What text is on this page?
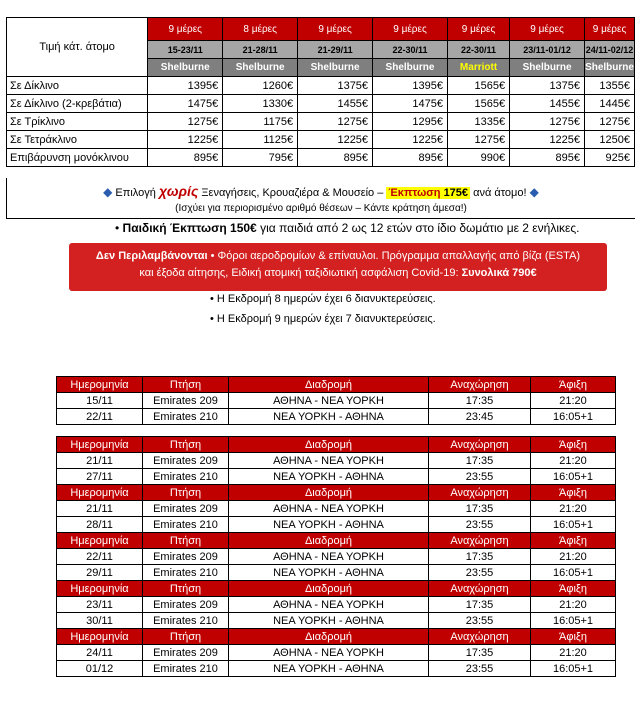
Τιμή κάτ. άτομο	9 μέρες	8 μέρες	9 μέρες	9 μέρες	9 μέρες	9 μέρες	9 μέρες
	15-23/11	21-28/11	21-29/11	22-30/11	22-30/11	23/11-01/12	24/11-02/12
	Shelburne	Shelburne	Shelburne	Shelburne	Marriott	Shelburne	Shelburne
Σε Δίκλινο	1395€	1260€	1375€	1395€	1565€	1375€	1355€
Σε Δίκλινο (2-κρεβάτια)	1475€	1330€	1455€	1475€	1565€	1455€	1445€
Σε Τρίκλινο	1275€	1175€	1275€	1295€	1335€	1275€	1275€
Σε Τετράκλινο	1225€	1125€	1225€	1225€	1275€	1225€	1250€
Επιβάρυνση μονόκλινου	895€	795€	895€	895€	990€	895€	925€
◆ Επιλογή χωρίς Ξεναγήσεις, Κρουαζιέρα & Μουσείο – Έκπτωση 175€ ανά άτομο! ◆
(Ισχύει για περιορισμένο αριθμό θέσεων – Κάντε κράτηση άμεσα!)
• Παιδική Έκπτωση 150€ για παιδιά από 2 ως 12 ετών στο ίδιο δωμάτιο με 2 ενήλικες.
Δεν Περιλαμβάνονται • Φόροι αεροδρομίων & επίναυλοι. Πρόγραμμα απαλλαγής από βίζα (ESTA)
και έξοδα αίτησης, Ειδική ατομική ταξιδιωτική ασφάλιση Covid-19: Συνολικά 790€
• Η Εκδρομή 8 ημερών έχει 6 διανυκτερεύσεις.
• Η Εκδρομή 9 ημερών έχει 7 διανυκτερεύσεις.
Ημερομηνία	Πτήση	Διαδρομή	Αναχώρηση	Άφιξη
15/11	Emirates 209	ΑΘΗΝΑ - ΝΕΑ ΥΟΡΚΗ	17:35	21:20
22/11	Emirates 210	ΝΕΑ ΥΟΡΚΗ - ΑΘΗΝΑ	23:45	16:05+1
Ημερομηνία	Πτήση	Διαδρομή	Αναχώρηση	Άφιξη
21/11	Emirates 209	ΑΘΗΝΑ - ΝΕΑ ΥΟΡΚΗ	17:35	21:20
27/11	Emirates 210	ΝΕΑ ΥΟΡΚΗ - ΑΘΗΝΑ	23:55	16:05+1
Ημερομηνία	Πτήση	Διαδρομή	Αναχώρηση	Άφιξη
21/11	Emirates 209	ΑΘΗΝΑ - ΝΕΑ ΥΟΡΚΗ	17:35	21:20
28/11	Emirates 210	ΝΕΑ ΥΟΡΚΗ - ΑΘΗΝΑ	23:55	16:05+1
Ημερομηνία	Πτήση	Διαδρομή	Αναχώρηση	Άφιξη
22/11	Emirates 209	ΑΘΗΝΑ - ΝΕΑ ΥΟΡΚΗ	17:35	21:20
29/11	Emirates 210	ΝΕΑ ΥΟΡΚΗ - ΑΘΗΝΑ	23:55	16:05+1
Ημερομηνία	Πτήση	Διαδρομή	Αναχώρηση	Άφιξη
23/11	Emirates 209	ΑΘΗΝΑ - ΝΕΑ ΥΟΡΚΗ	17:35	21:20
30/11	Emirates 210	ΝΕΑ ΥΟΡΚΗ - ΑΘΗΝΑ	23:55	16:05+1
Ημερομηνία	Πτήση	Διαδρομή	Αναχώρηση	Άφιξη
24/11	Emirates 209	ΑΘΗΝΑ - ΝΕΑ ΥΟΡΚΗ	17:35	21:20
01/12	Emirates 210	ΝΕΑ ΥΟΡΚΗ - ΑΘΗΝΑ	23:55	16:05+1
